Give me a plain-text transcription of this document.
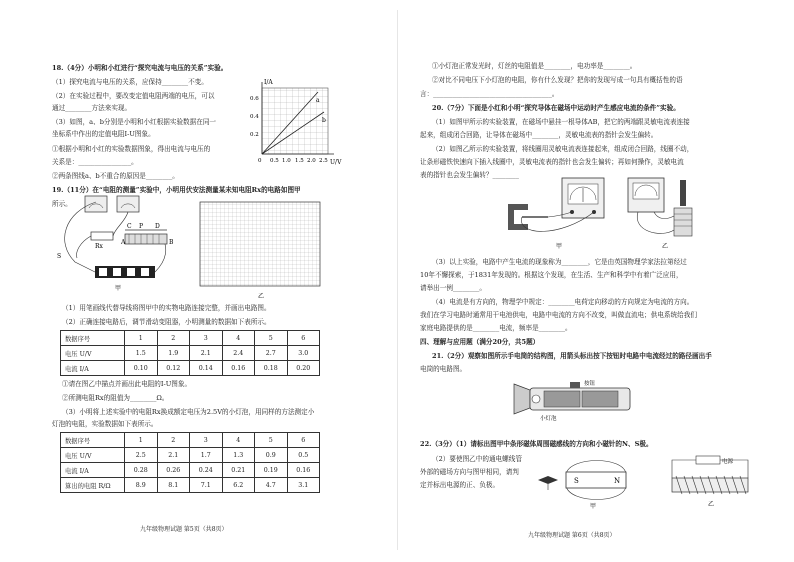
18.（4分）小明和小红进行“探究电流与电压的关系”实验。
（1）探究电流与电压的关系，应保持________不变。
（2）在实验过程中，要改变定值电阻两端的电压，可以
通过________方法来实现。
（3）如图，a、b分别是小明和小红根据实验数据在同一
坐标系中作出的定值电阻I-U图象。
①根据小明和小红的实验数据图象，得出电流与电压的
关系是：________________。
②两条图线a、b不重合的原因是________。
a
b
I/A
U/V
0.6
0.4
0.2
0 0.5 1.0 1.5 2.0 2.5
19.（11分）在“电阻的测量”实验中，小明用伏安法测量某未知电阻Rx的电路如图甲
所示。
C P D
A	B
Rx
S
甲
乙
（1）用笔画线代替导线将图甲中的实物电路连接完整，并画出电路图。
（2）正确连接电路后，调节滑动变阻器，小明测量的数据如下表所示。
数据序号	1	2	3	4	5	6
电压 U/V	1.5	1.9	2.1	2.4	2.7	3.0
电流 I/A	0.10	0.12	0.14	0.16	0.18	0.20
①请在图乙中描点并画出此电阻的I-U图象。
②所测电阻Rx的阻值为________Ω。
（3）小明将上述实验中的电阻Rx换成额定电压为2.5V的小灯泡，用同样的方法测定小
灯泡的电阻，实验数据如下表所示。
数据序号	1	2	3	4	5	6
电压 U/V	2.5	2.1	1.7	1.3	0.9	0.5
电流 I/A	0.28	0.26	0.24	0.21	0.19	0.16
算出的电阻 R/Ω	8.9	8.1	7.1	6.2	4.7	3.1
九年级物理试题 第5页（共8页）
①小灯泡正常发光时，灯丝的电阻值是________，电功率是________。
②对比不同电压下小灯泡的电阻，你有什么发现？把你的发现写成一句具有概括性的语
言：____________________________________。
20.（7分）下面是小红和小明“探究导体在磁场中运动时产生感应电流的条件”实验。
（1）如图甲所示的实验装置，在磁场中悬挂一根导体AB，把它的两端跟灵敏电流表连接
起来，组成闭合回路，让导体在磁场中________，灵敏电流表的指针会发生偏转。
（2）如图乙所示的实验装置，将线圈用灵敏电流表连接起来，组成闭合回路，线圈不动，
让条形磁铁快速向下插入线圈中，灵敏电流表的指针也会发生偏转；再如何操作，灵敏电流
表的指针也会发生偏转？________
甲	乙
（3）以上实验，电路中产生电流的现象称为________，它是由英国物理学家法拉第经过
10年不懈探索，于1831年发现的。根据这个发现，在生活、生产和科学中有着广泛应用，
请举出一例________。
（4）电流是有方向的，物理学中规定：________电荷定向移动的方向规定为电流的方向。
我们在学习电路时通常用干电池供电，电路中电流的方向不改变，叫做直流电；供电系统给我们
家庭电路提供的是________电流，频率是________。
四、理解与应用题（满分20分，共5题）
21.（2分）观察如图所示手电筒的结构图，用箭头标出按下按钮时电路中电流经过的路径画出手
电筒的电路图。
按钮
小灯泡
22.（3分）（1）请标出图甲中条形磁体周围磁感线的方向和小磁针的N、S极。
（2）要使图乙中的通电螺线管
外部的磁场方向与图甲相同，请判
定并标出电源的正、负极。	S	N
甲
电源
乙
九年级物理试题 第6页（共8页）
